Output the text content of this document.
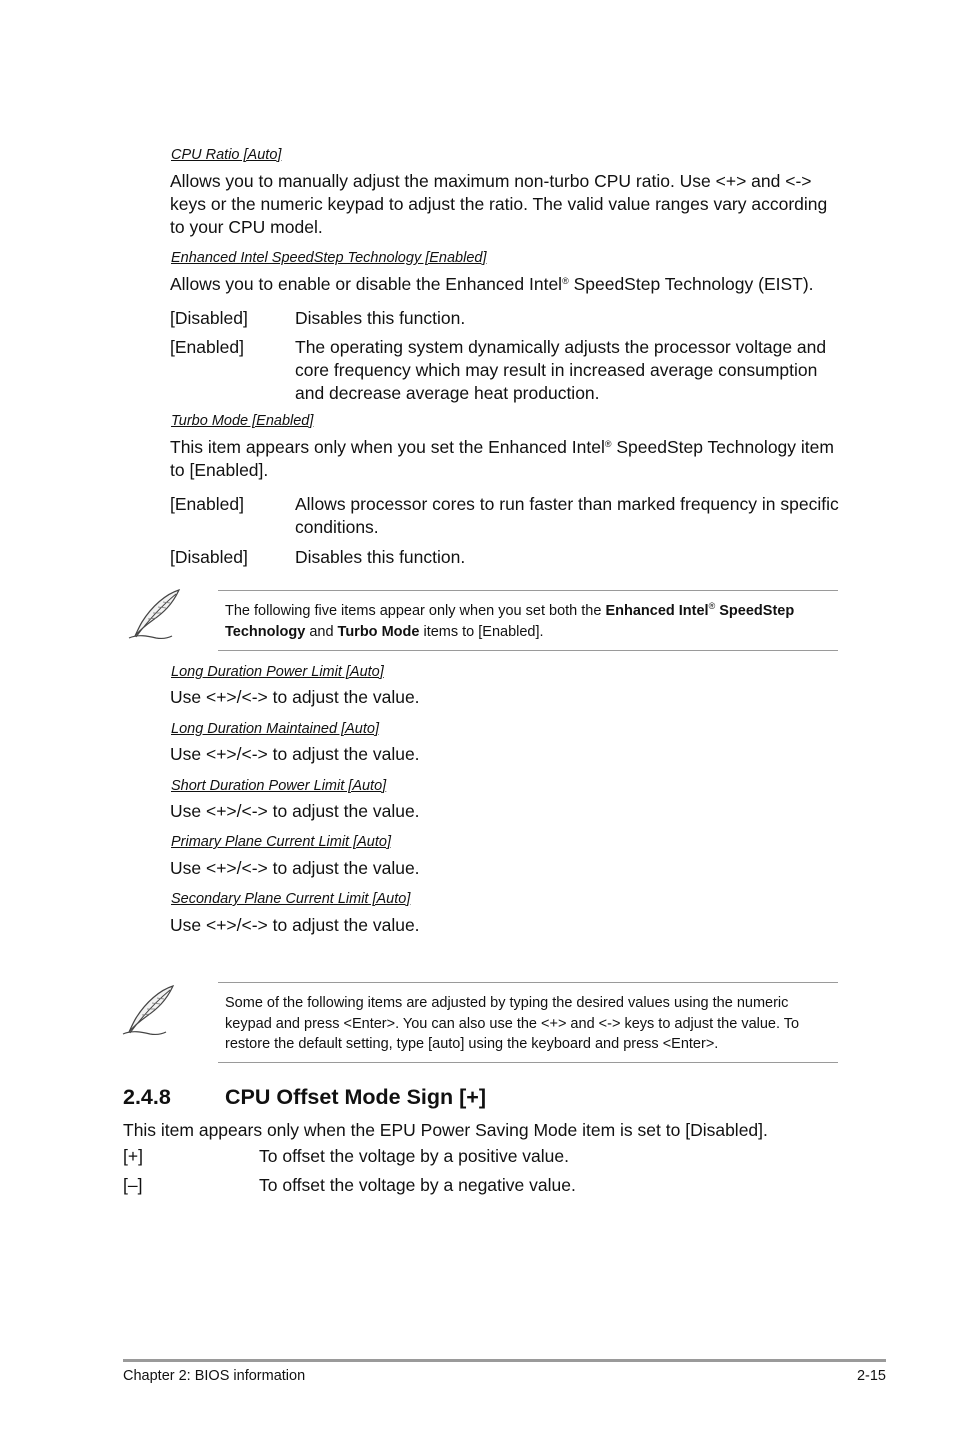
CPU Ratio [Auto]
Allows you to manually adjust the maximum non-turbo CPU ratio. Use <+> and <-> keys or the numeric keypad to adjust the ratio. The valid value ranges vary according to your CPU model.
Enhanced Intel SpeedStep Technology [Enabled]
Allows you to enable or disable the Enhanced Intel® SpeedStep Technology (EIST).
[Disabled]	Disables this function.
[Enabled]	The operating system dynamically adjusts the processor voltage and core frequency which may result in increased average consumption and decrease average heat production.
Turbo Mode [Enabled]
This item appears only when you set the Enhanced Intel® SpeedStep Technology item to [Enabled].
[Enabled]	Allows processor cores to run faster than marked frequency in specific conditions.
[Disabled]	Disables this function.
The following five items appear only when you set both the Enhanced Intel® SpeedStep Technology and Turbo Mode items to [Enabled].
Long Duration Power Limit [Auto]
Use <+>/<-> to adjust the value.
Long Duration Maintained [Auto]
Use <+>/<-> to adjust the value.
Short Duration Power Limit [Auto]
Use <+>/<-> to adjust the value.
Primary Plane Current Limit [Auto]
Use <+>/<-> to adjust the value.
Secondary Plane Current Limit [Auto]
Use <+>/<-> to adjust the value.
Some of the following items are adjusted by typing the desired values using the numeric keypad and press <Enter>. You can also use the <+> and <-> keys to adjust the value. To restore the default setting, type [auto] using the keyboard and press <Enter>.
2.4.8	CPU Offset Mode Sign [+]
This item appears only when the EPU Power Saving Mode item is set to [Disabled].
[+]	To offset the voltage by a positive value.
[–]	To offset the voltage by a negative value.
Chapter 2: BIOS information	2-15
